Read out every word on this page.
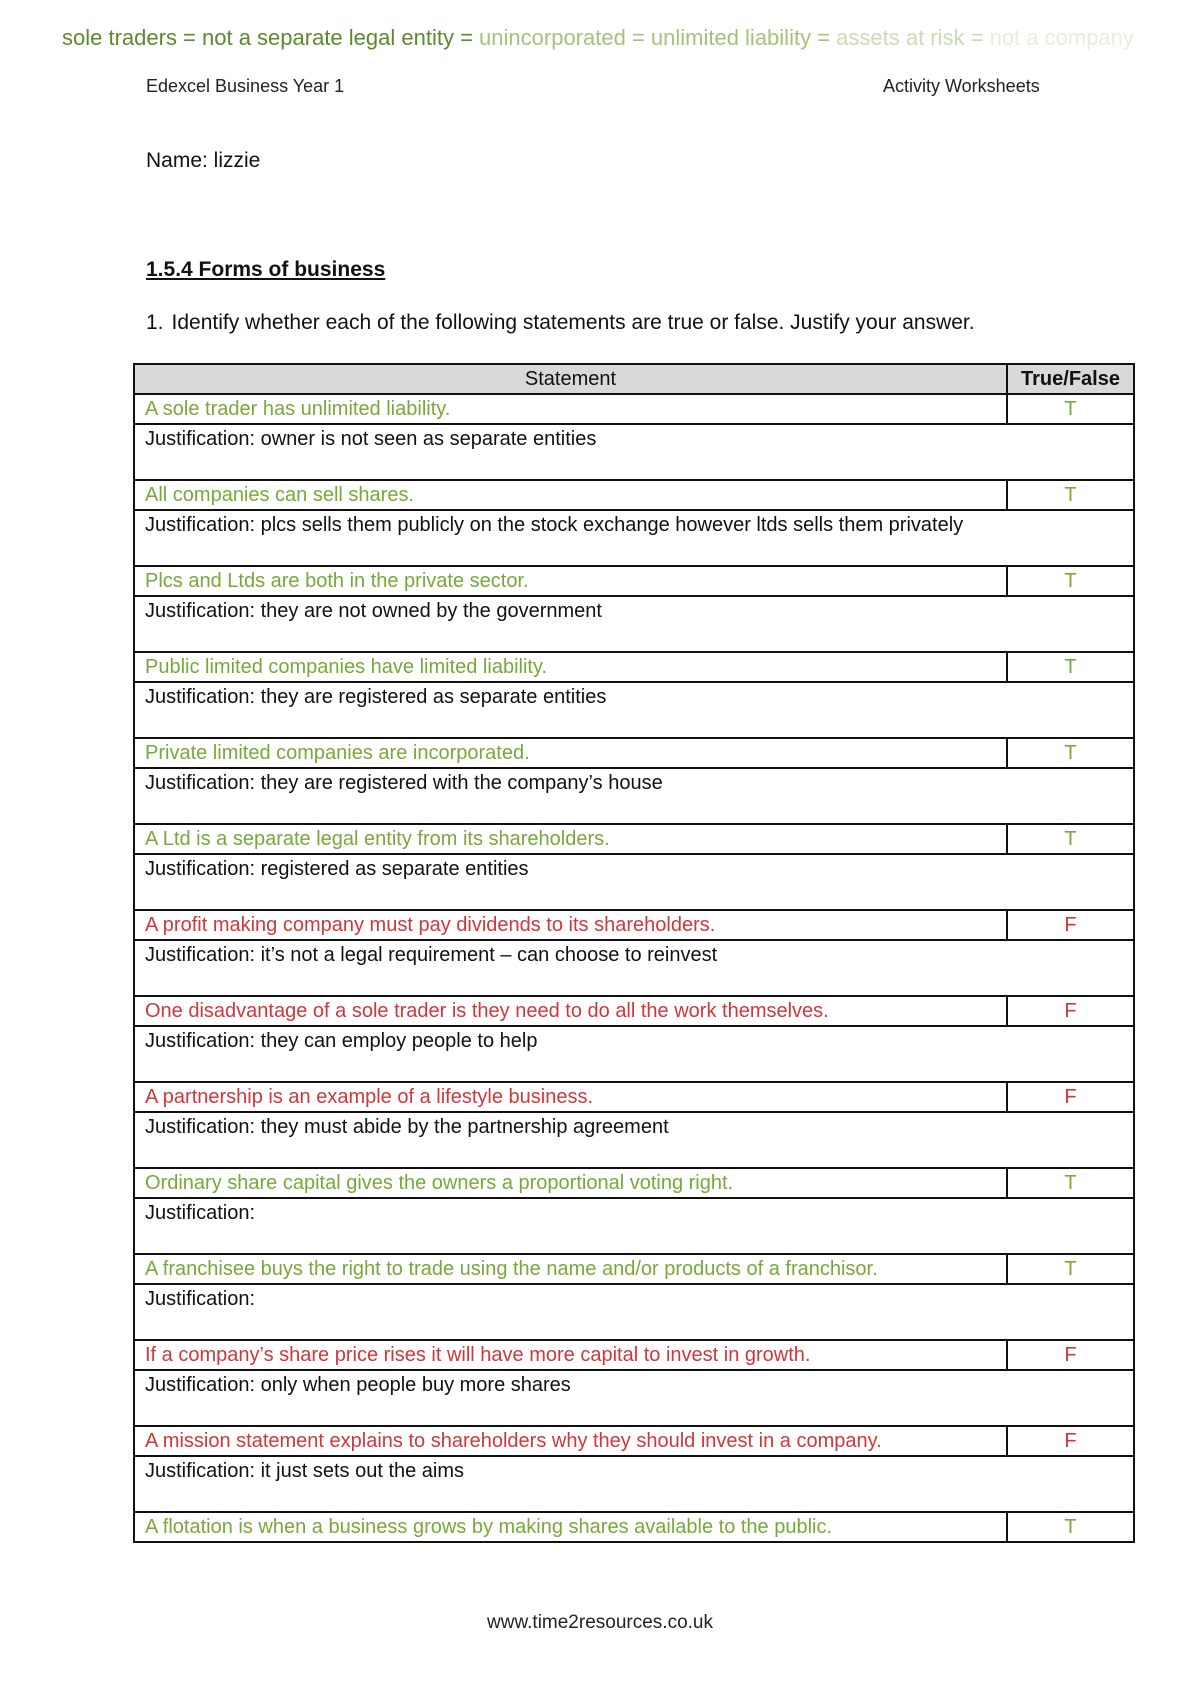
sole traders = not a separate legal entity = unincorporated = unlimited liability = assets at risk = not a company
Edexcel Business Year 1	Activity Worksheets
Name: lizzie
1.5.4 Forms of business
1. Identify whether each of the following statements are true or false. Justify your answer.
Statement	True/False
A sole trader has unlimited liability.	T
Justification: owner is not seen as separate entities	
All companies can sell shares.	T
Justification: plcs sells them publicly on the stock exchange however ltds sells them privately	
Plcs and Ltds are both in the private sector.	T
Justification: they are not owned by the government	
Public limited companies have limited liability.	T
Justification: they are registered as separate entities	
Private limited companies are incorporated.	T
Justification: they are registered with the company’s house	
A Ltd is a separate legal entity from its shareholders.	T
Justification: registered as separate entities	
A profit making company must pay dividends to its shareholders.	F
Justification: it’s not a legal requirement – can choose to reinvest	
One disadvantage of a sole trader is they need to do all the work themselves.	F
Justification: they can employ people to help	
A partnership is an example of a lifestyle business.	F
Justification: they must abide by the partnership agreement	
Ordinary share capital gives the owners a proportional voting right.	T
Justification:	
A franchisee buys the right to trade using the name and/or products of a franchisor.	T
Justification:	
If a company’s share price rises it will have more capital to invest in growth.	F
Justification: only when people buy more shares	
A mission statement explains to shareholders why they should invest in a company.	F
Justification: it just sets out the aims	
A flotation is when a business grows by making shares available to the public.	T
www.time2resources.co.uk
